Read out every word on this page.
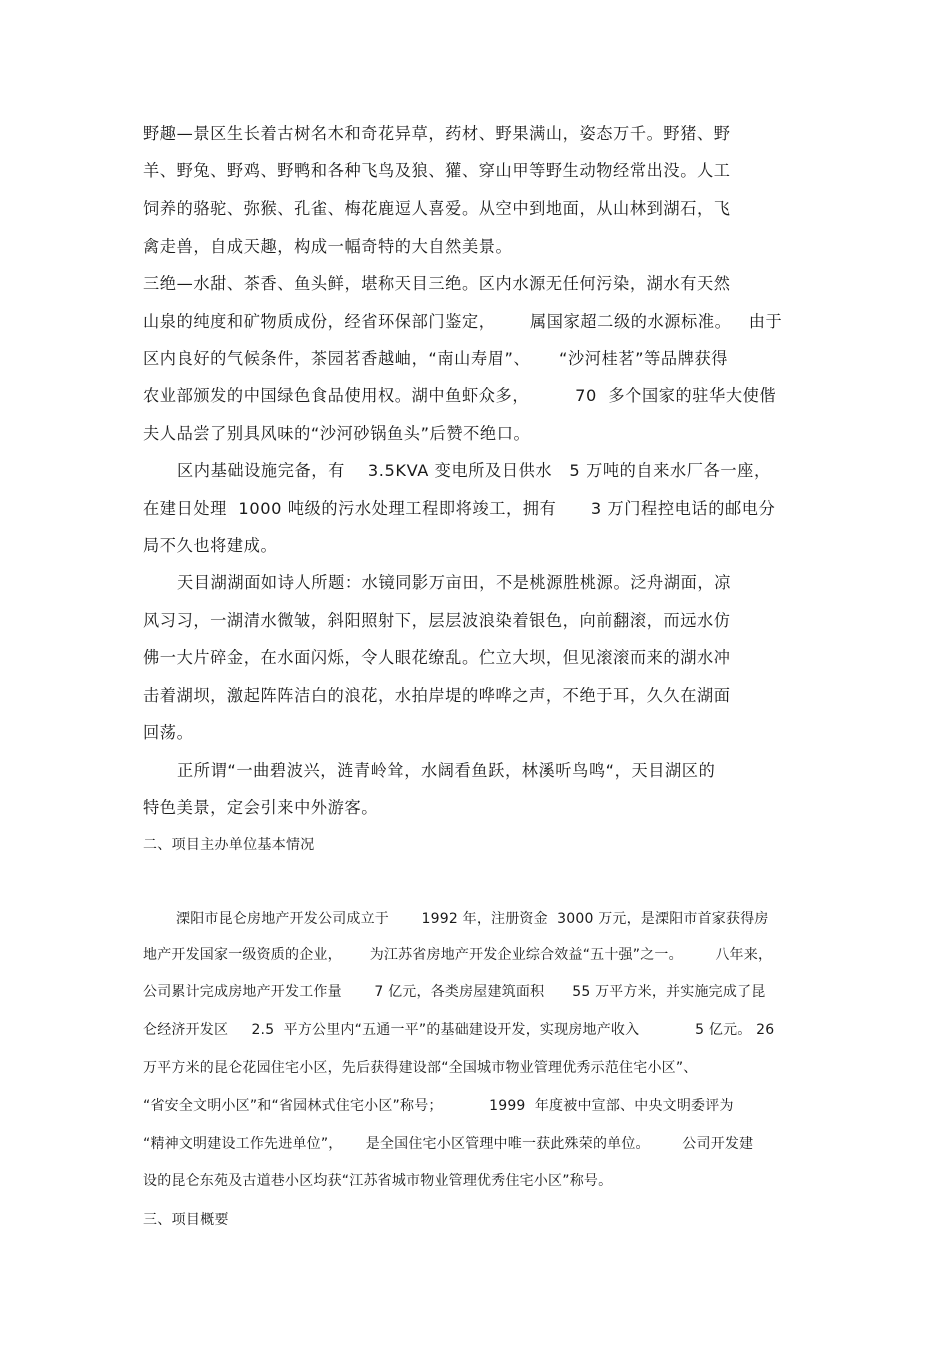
野趣—景区生长着古树名木和奇花异草，药材、野果满山，姿态万千。野猪、野
羊、野兔、野鸡、野鸭和各种飞鸟及狼、獾、穿山甲等野生动物经常出没。人工
饲养的骆驼、弥猴、孔雀、梅花鹿逗人喜爱。从空中到地面，从山林到湖石，飞
禽走兽，自成天趣，构成一幅奇特的大自然美景。
三绝—水甜、茶香、鱼头鲜，堪称天目三绝。区内水源无任何污染，湖水有天然
山泉的纯度和矿物质成份，经省环保部门鉴定，      属国家超二级的水源标准。   由于
区内良好的气候条件，茶园茗香越岫，“南山寿眉”、     “沙河桂茗”等品牌获得
农业部颁发的中国绿色食品使用权。湖中鱼虾众多，        70  多个国家的驻华大使偕
夫人品尝了别具风味的“沙河砂锅鱼头”后赞不绝口。
区内基础设施完备，有    3.5KVA 变电所及日供水   5 万吨的自来水厂各一座，
在建日处理  1000 吨级的污水处理工程即将竣工，拥有      3 万门程控电话的邮电分
局不久也将建成。
天目湖湖面如诗人所题：水镜同影万亩田，不是桃源胜桃源。泛舟湖面，凉
风习习，一湖清水微皱，斜阳照射下，层层波浪染着银色，向前翻滚，而远水仿
佛一大片碎金，在水面闪烁，令人眼花缭乱。伫立大坝，但见滚滚而来的湖水冲
击着湖坝，激起阵阵洁白的浪花，水拍岸堤的哗哗之声，不绝于耳，久久在湖面
回荡。
正所谓“一曲碧波兴，涟青岭耸，水阔看鱼跃，林溪听鸟鸣“，天目湖区的
特色美景，定会引来中外游客。
二、项目主办单位基本情况
溧阳市昆仑房地产开发公司成立于       1992 年，注册资金  3000 万元，是溧阳市首家获得房
地产开发国家一级资质的企业，      为江苏省房地产开发企业综合效益“五十强”之一。       八年来，
公司累计完成房地产开发工作量       7 亿元，各类房屋建筑面积      55 万平方米，并实施完成了昆
仑经济开发区     2.5  平方公里内“五通一平”的基础建设开发，实现房地产收入            5 亿元。 26
万平方米的昆仑花园住宅小区，先后获得建设部“全国城市物业管理优秀示范住宅小区”、
“省安全文明小区”和“省园林式住宅小区”称号；          1999  年度被中宣部、中央文明委评为
“精神文明建设工作先进单位”，     是全国住宅小区管理中唯一获此殊荣的单位。       公司开发建
设的昆仑东苑及古道巷小区均获“江苏省城市物业管理优秀住宅小区”称号。
三、项目概要
